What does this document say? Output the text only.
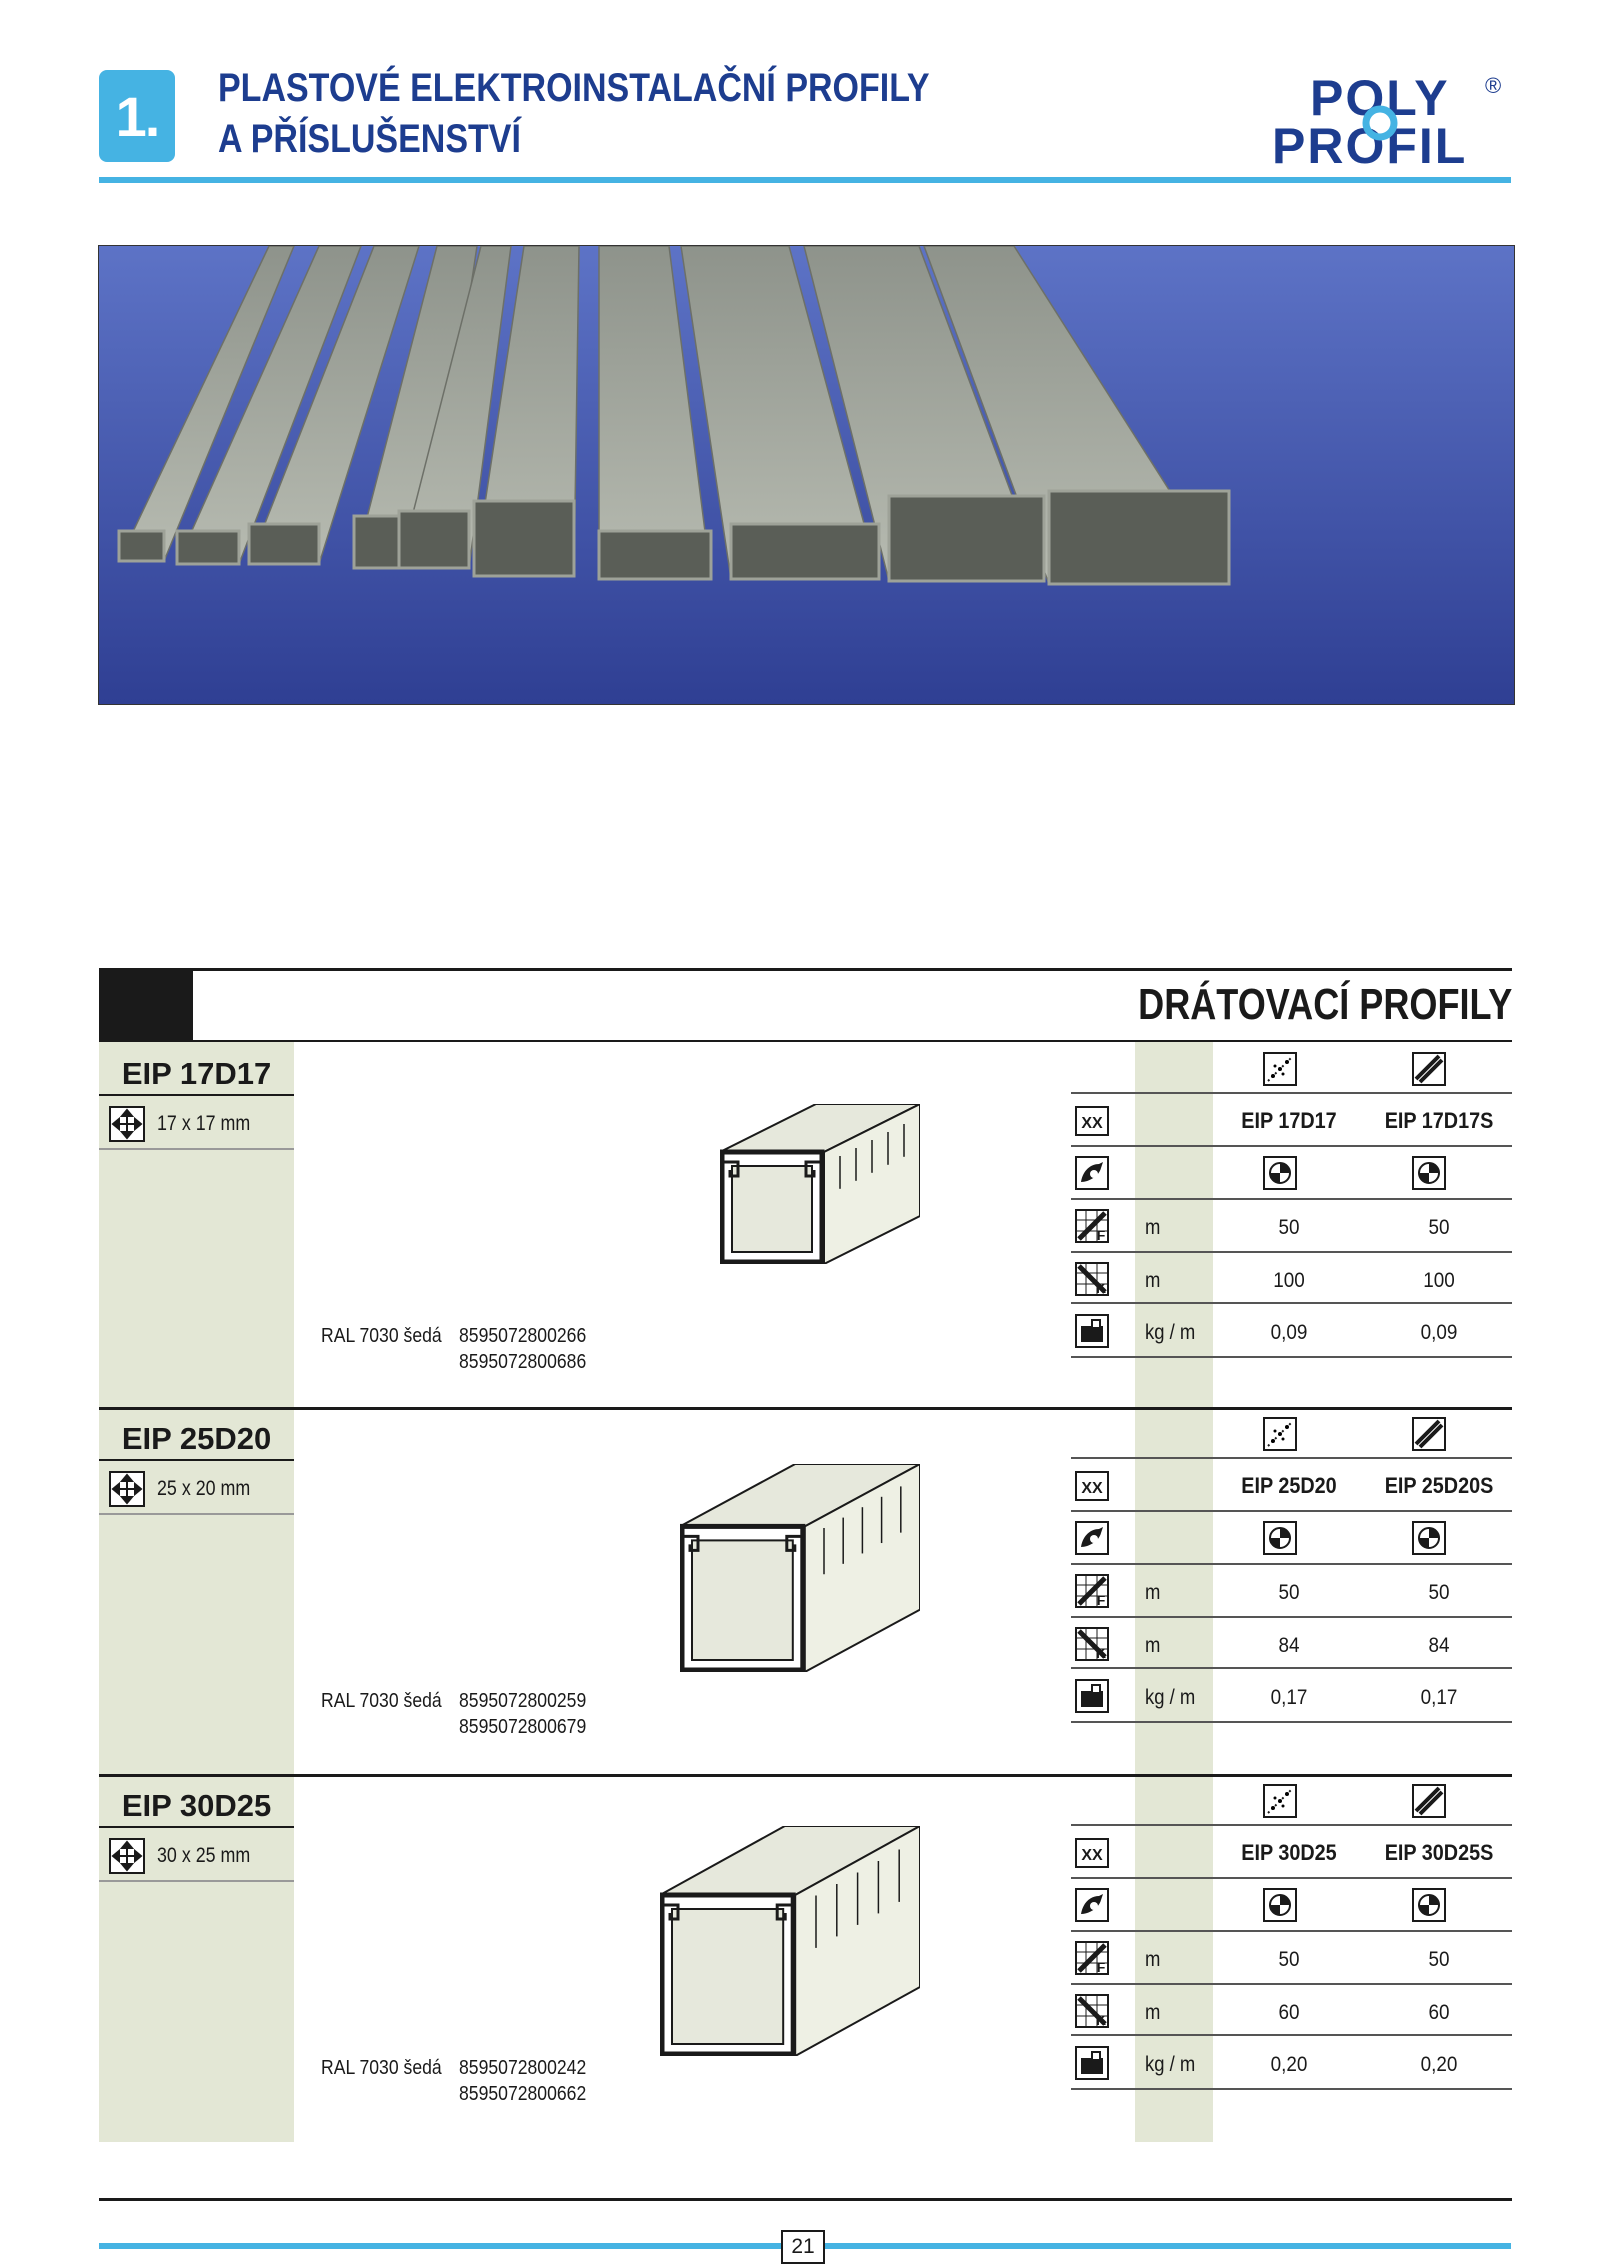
1.	PLASTOVÉ ELEKTROINSTALAČNÍ PROFILY
A PŘÍSLUŠENSTVÍ
POLY
PROFIL
®
DRÁTOVACÍ PROFILY
EIP 17D17
17 x 17 mm
RAL 7030 šedá 8595072800266
8595072800686
XX	EIP 17D17	EIP 17D17S
F m	50	50
K m	100	100
kg / m	0,09	0,09
EIP 25D20
25 x 20 mm
RAL 7030 šedá 8595072800259
8595072800679
XX	EIP 25D20	EIP 25D20S
F m	50	50
K m	84	84
kg / m	0,17	0,17
EIP 30D25
30 x 25 mm
RAL 7030 šedá 8595072800242
8595072800662
XX	EIP 30D25	EIP 30D25S
F m	50	50
K m	60	60
kg / m	0,20	0,20
21
